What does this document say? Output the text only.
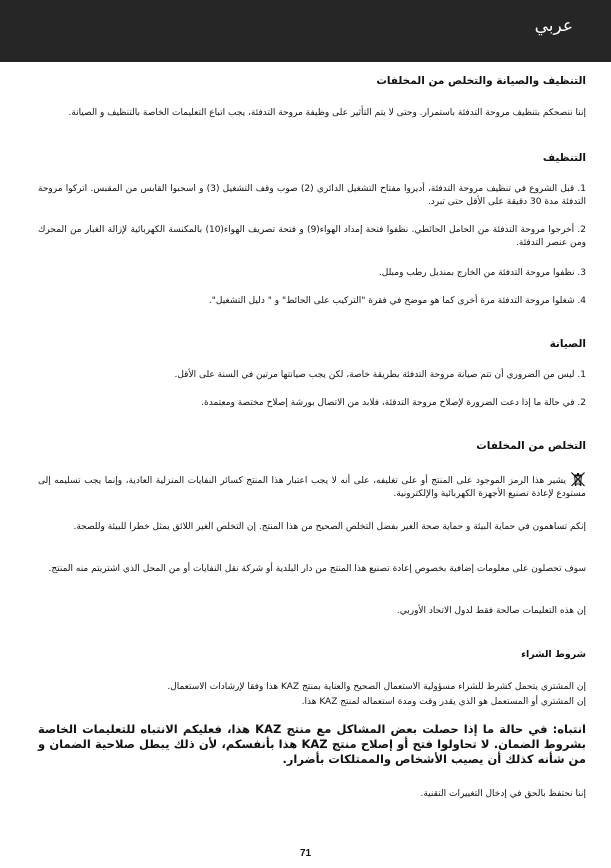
عربي
التنظيف والصيانة والتخلص من المخلفات
إننا ننصحكم بتنظيف مروحة التدفئة باستمرار. وحتى لا يتم التأثير على وظيفة مروحة التدفئة، يجب اتباع التعليمات الخاصة بالتنظيف و الصيانة.
التنظيف
1. قبل الشروع في تنظيف مروحة التدفئة، أديروا مفتاح التشغيل الدائري (2) صوب وقف التشغيل (3) و اسحبوا القابس من المقبس. اتركوا مروحة التدفئة مدة 30 دقيقة على الأقل حتى تبرد.
2. أخرجوا مروحة التدفئة من الحامل الحائطي. نظفوا فتحة إمداد الهواء(9) و فتحة تصريف الهواء(10) بالمكنسة الكهربائية لإزالة الغبار من المحرك ومن عنصر التدفئة.
3. نظفوا مروحة التدفئة من الخارج بمنديل رطب ومبلل.
4. شغلوا مروحة التدفئة مرة أخرى كما هو موضح في فقرة "التركيب على الحائط" و " دليل التشغيل".
الصيانة
1. ليس من الضروري أن تتم صيانة مروحة التدفئة بطريقة خاصة، لكن يجب صيانتها مرتين في السنة على الأقل.
2. في حالة ما إذا دعت الضرورة لإصلاح مروحة التدفئة، فلابد من الاتصال بورشة إصلاح مختصة ومعتمدة.
التخلص من المخلفات
يشير هذا الرمز الموجود على المنتج أو على تغليفه، على أنه لا يجب اعتبار هذا المنتج كسائر النفايات المنزلية العادية، وإنما يجب تسليمه إلى مستودع لإعادة تصنيع الأجهزة الكهربائية والإلكترونية.
إنكم تساهمون في حماية البيئة و حماية صحة الغير بفضل التخلص الصحيح من هذا المنتج. إن التخلص الغير اللائق يمثل خطرا للبيئة وللصحة.
سوف تحصلون على معلومات إضافية بخصوص إعادة تصنيع هذا المنتج من دار البلدية أو شركة نقل النفايات أو من المحل الذي اشتريتم منه المنتج.
إن هذه التعليمات صالحة فقط لدول الاتحاد الأوربي.
شروط الشراء
إن المشتري يتحمل كشرط للشراء مسؤولية الاستعمال الصحيح والعناية بمنتج KAZ هذا وفقا لإرشادات الاستعمال.
إن المشتري أو المستعمل هو الذي يقدر وقت ومدة استعماله لمنتج KAZ هذا.
انتباه: في حالة ما إذا حصلت بعض المشاكل مع منتج KAZ هذا، فعليكم الانتباه للتعليمات الخاصة بشروط الضمان. لا تحاولوا فتح أو إصلاح منتج KAZ هذا بأنفسكم، لأن ذلك يبطل صلاحية الضمان و من شأنه كذلك أن يصيب الأشخاص والممتلكات بأضرار.
إننا نحتفظ بالحق في إدخال التغييرات التقنية.
71
